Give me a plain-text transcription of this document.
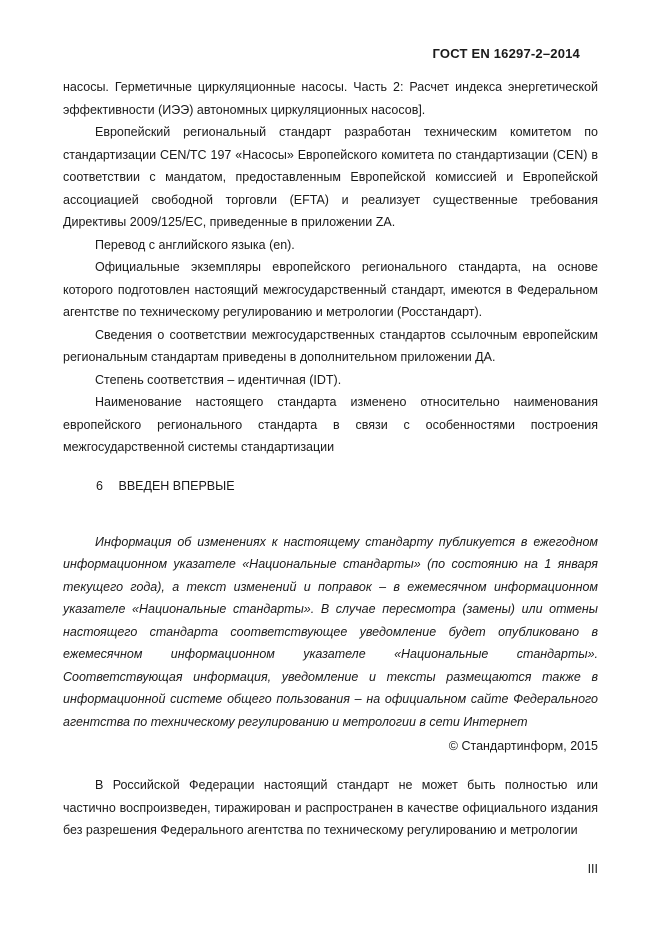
ГОСТ EN 16297-2–2014

насосы. Герметичные циркуляционные насосы. Часть 2: Расчет индекса энергетической эффективности (ИЭЭ) автономных циркуляционных насосов].

Европейский региональный стандарт разработан техническим комитетом по стандартизации CEN/TC 197 «Насосы» Европейского комитета по стандартизации (CEN) в соответствии с мандатом, предоставленным Европейской комиссией и Европейской ассоциацией свободной торговли (EFTA) и реализует существенные требования Директивы 2009/125/ЕС, приведенные в приложении ZA.

Перевод с английского языка (en).

Официальные экземпляры европейского регионального стандарта, на основе которого подготовлен настоящий межгосударственный стандарт, имеются в Федеральном агентстве по техническому регулированию и метрологии (Росстандарт).

Сведения о соответствии межгосударственных стандартов ссылочным европейским региональным стандартам приведены в дополнительном приложении ДА.

Степень соответствия – идентичная (IDT).

Наименование настоящего стандарта изменено относительно наименования европейского регионального стандарта в связи с особенностями построения межгосударственной системы стандартизации

6 ВВЕДЕН ВПЕРВЫЕ

Информация об изменениях к настоящему стандарту публикуется в ежегодном информационном указателе «Национальные стандарты» (по состоянию на 1 января текущего года), а текст изменений и поправок – в ежемесячном информационном указателе «Национальные стандарты». В случае пересмотра (замены) или отмены настоящего стандарта соответствующее уведомление будет опубликовано в ежемесячном информационном указателе «Национальные стандарты». Соответствующая информация, уведомление и тексты размещаются также в информационной системе общего пользования – на официальном сайте Федерального агентства по техническому регулированию и метрологии в сети Интернет

© Стандартинформ, 2015

В Российской Федерации настоящий стандарт не может быть полностью или частично воспроизведен, тиражирован и распространен в качестве официального издания без разрешения Федерального агентства по техническому регулированию и метрологии

III
